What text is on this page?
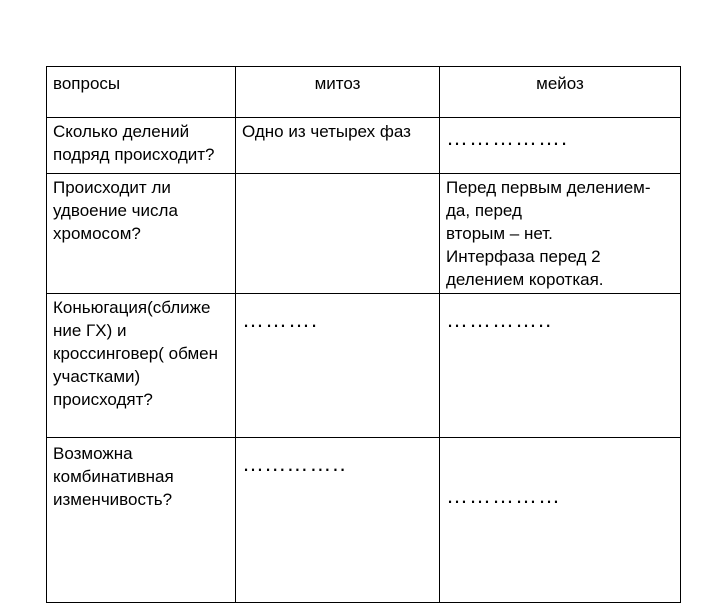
вопросы	митоз	мейоз

Сколько делений подряд происходит?	Одно из четырех фаз	…………….

Происходит ли удвоение числа хромосом?		Перед первым делением-да, перед
вторым – нет.
Интерфаза перед 2 делением короткая.

Коньюгация(сближе ние ГХ) и кроссинговер( обмен участками) происходят?	……….	…………..

Возможна комбинативная изменчивость?	…...……..	……………
